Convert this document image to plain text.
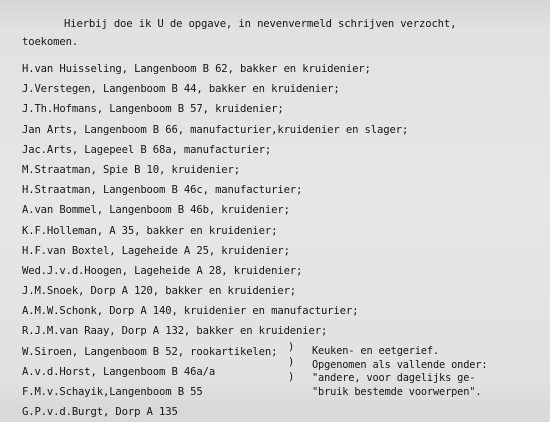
Hierbij doe ik U de opgave, in nevenvermeld schrijven verzocht,
toekomen.
H.van Huisseling, Langenboom B 62, bakker en kruidenier;
J.Verstegen, Langenboom B 44, bakker en kruidenier;
J.Th.Hofmans, Langenboom B 57, kruidenier;
Jan Arts, Langenboom B 66, manufacturier,kruidenier en slager;
Jac.Arts, Lagepeel B 68a, manufacturier;
M.Straatman, Spie B 10, kruidenier;
H.Straatman, Langenboom B 46c, manufacturier;
A.van Bommel, Langenboom B 46b, kruidenier;
K.F.Holleman, A 35, bakker en kruidenier;
H.F.van Boxtel, Lageheide A 25, kruidenier;
Wed.J.v.d.Hoogen, Lageheide A 28, kruidenier;
J.M.Snoek, Dorp A 120, bakker en kruidenier;
A.M.W.Schonk, Dorp A 140, kruidenier en manufacturier;
R.J.M.van Raay, Dorp A 132, bakker en kruidenier;
W.Siroen, Langenboom B 52, rookartikelen;
A.v.d.Horst, Langenboom B 46a/a
F.M.v.Schayik,Langenboom B 55
G.P.v.d.Burgt, Dorp A 135
)
)
)
Keuken- en eetgerief.
Opgenomen als vallende onder:
"andere, voor dagelijks ge-
"bruik bestemde voorwerpen".
